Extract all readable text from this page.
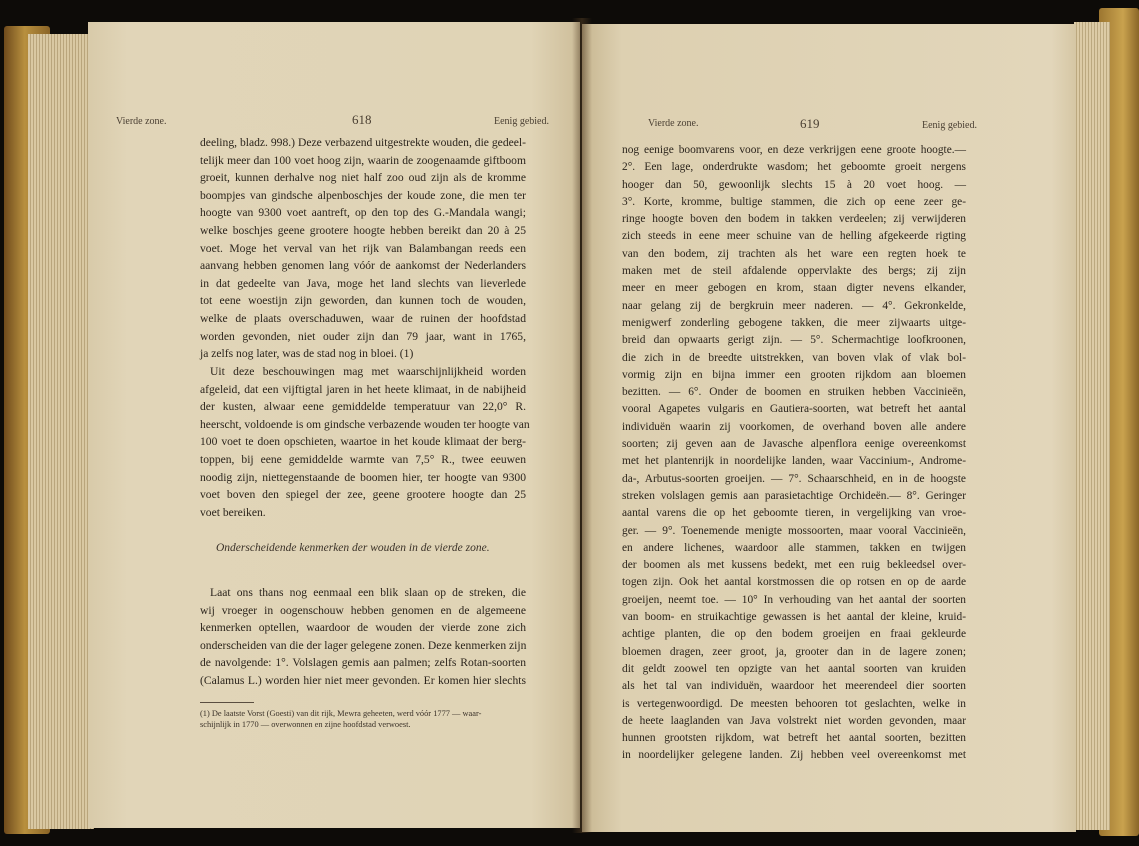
Vierde zone.	618	Eenig gebied.
deeling, bladz. 998.) Deze verbazend uitgestrekte wouden, die gedeel-
telijk meer dan 100 voet hoog zijn, waarin de zoogenaamde giftboom
groeit, kunnen derhalve nog niet half zoo oud zijn als de kromme
boompjes van gindsche alpenboschjes der koude zone, die men ter
hoogte van 9300 voet aantreft, op den top des G.-Mandala wangi;
welke boschjes geene grootere hoogte hebben bereikt dan 20 à 25
voet. Moge het verval van het rijk van Balambangan reeds een
aanvang hebben genomen lang vóór de aankomst der Nederlanders
in dat gedeelte van Java, moge het land slechts van lieverlede
tot eene woestijn zijn geworden, dan kunnen toch de wouden,
welke de plaats overschaduwen, waar de ruinen der hoofdstad
worden gevonden, niet ouder zijn dan 79 jaar, want in 1765,
ja zelfs nog later, was de stad nog in bloei. (1)
Uit deze beschouwingen mag met waarschijnlijkheid worden
afgeleid, dat een vijftigtal jaren in het heete klimaat, in de nabijheid
der kusten, alwaar eene gemiddelde temperatuur van 22,0° R.
heerscht, voldoende is om gindsche verbazende wouden ter hoogte van
100 voet te doen opschieten, waartoe in het koude klimaat der berg-
toppen, bij eene gemiddelde warmte van 7,5° R., twee eeuwen
noodig zijn, niettegenstaande de boomen hier, ter hoogte van 9300
voet boven den spiegel der zee, geene grootere hoogte dan 25
voet bereiken.
Onderscheidende kenmerken der wouden in de vierde zone.
Laat ons thans nog eenmaal een blik slaan op de streken, die
wij vroeger in oogenschouw hebben genomen en de algemeene
kenmerken optellen, waardoor de wouden der vierde zone zich
onderscheiden van die der lager gelegene zonen. Deze kenmerken zijn
de navolgende: 1°. Volslagen gemis aan palmen; zelfs Rotan-soorten
(Calamus L.) worden hier niet meer gevonden. Er komen hier slechts
(1) De laatste Vorst (Goesti) van dit rijk, Mewra geheeten, werd vóór 1777 — waar-
schijnlijk in 1770 — overwonnen en zijne hoofdstad verwoest.
Vierde zone.	619	Eenig gebied.
nog eenige boomvarens voor, en deze verkrijgen eene groote hoogte.—
2°. Een lage, onderdrukte wasdom; het geboomte groeit nergens
hooger dan 50, gewoonlijk slechts 15 à 20 voet hoog. —
3°. Korte, kromme, bultige stammen, die zich op eene zeer ge-
ringe hoogte boven den bodem in takken verdeelen; zij verwijderen
zich steeds in eene meer schuine van de helling afgekeerde rigting
van den bodem, zij trachten als het ware een regten hoek te
maken met de steil afdalende oppervlakte des bergs; zij zijn
meer en meer gebogen en krom, staan digter nevens elkander,
naar gelang zij de bergkruin meer naderen. — 4°. Gekronkelde,
menigwerf zonderling gebogene takken, die meer zijwaarts uitge-
breid dan opwaarts gerigt zijn. — 5°. Schermachtige loofkroonen,
die zich in de breedte uitstrekken, van boven vlak of vlak bol-
vormig zijn en bijna immer een grooten rijkdom aan bloemen
bezitten. — 6°. Onder de boomen en struiken hebben Vaccinieën,
vooral Agapetes vulgaris en Gautiera-soorten, wat betreft het aantal
individuën waarin zij voorkomen, de overhand boven alle andere
soorten; zij geven aan de Javasche alpenflora eenige overeenkomst
met het plantenrijk in noordelijke landen, waar Vaccinium-, Androme-
da-, Arbutus-soorten groeijen. — 7°. Schaarschheid, en in de hoogste
streken volslagen gemis aan parasietachtige Orchideën.— 8°. Geringer
aantal varens die op het geboomte tieren, in vergelijking van vroe-
ger. — 9°. Toenemende menigte mossoorten, maar vooral Vaccinieën,
en andere lichenes, waardoor alle stammen, takken en twijgen
der boomen als met kussens bedekt, met een ruig bekleedsel over-
togen zijn. Ook het aantal korstmossen die op rotsen en op de aarde
groeijen, neemt toe. — 10° In verhouding van het aantal der soorten
van boom- en struikachtige gewassen is het aantal der kleine, kruid-
achtige planten, die op den bodem groeijen en fraai gekleurde
bloemen dragen, zeer groot, ja, grooter dan in de lagere zonen;
dit geldt zoowel ten opzigte van het aantal soorten van kruiden
als het tal van individuën, waardoor het meerendeel dier soorten
is vertegenwoordigd. De meesten behooren tot geslachten, welke in
de heete laaglanden van Java volstrekt niet worden gevonden, maar
hunnen grootsten rijkdom, wat betreft het aantal soorten, bezitten
in noordelijker gelegene landen. Zij hebben veel overeenkomst met
